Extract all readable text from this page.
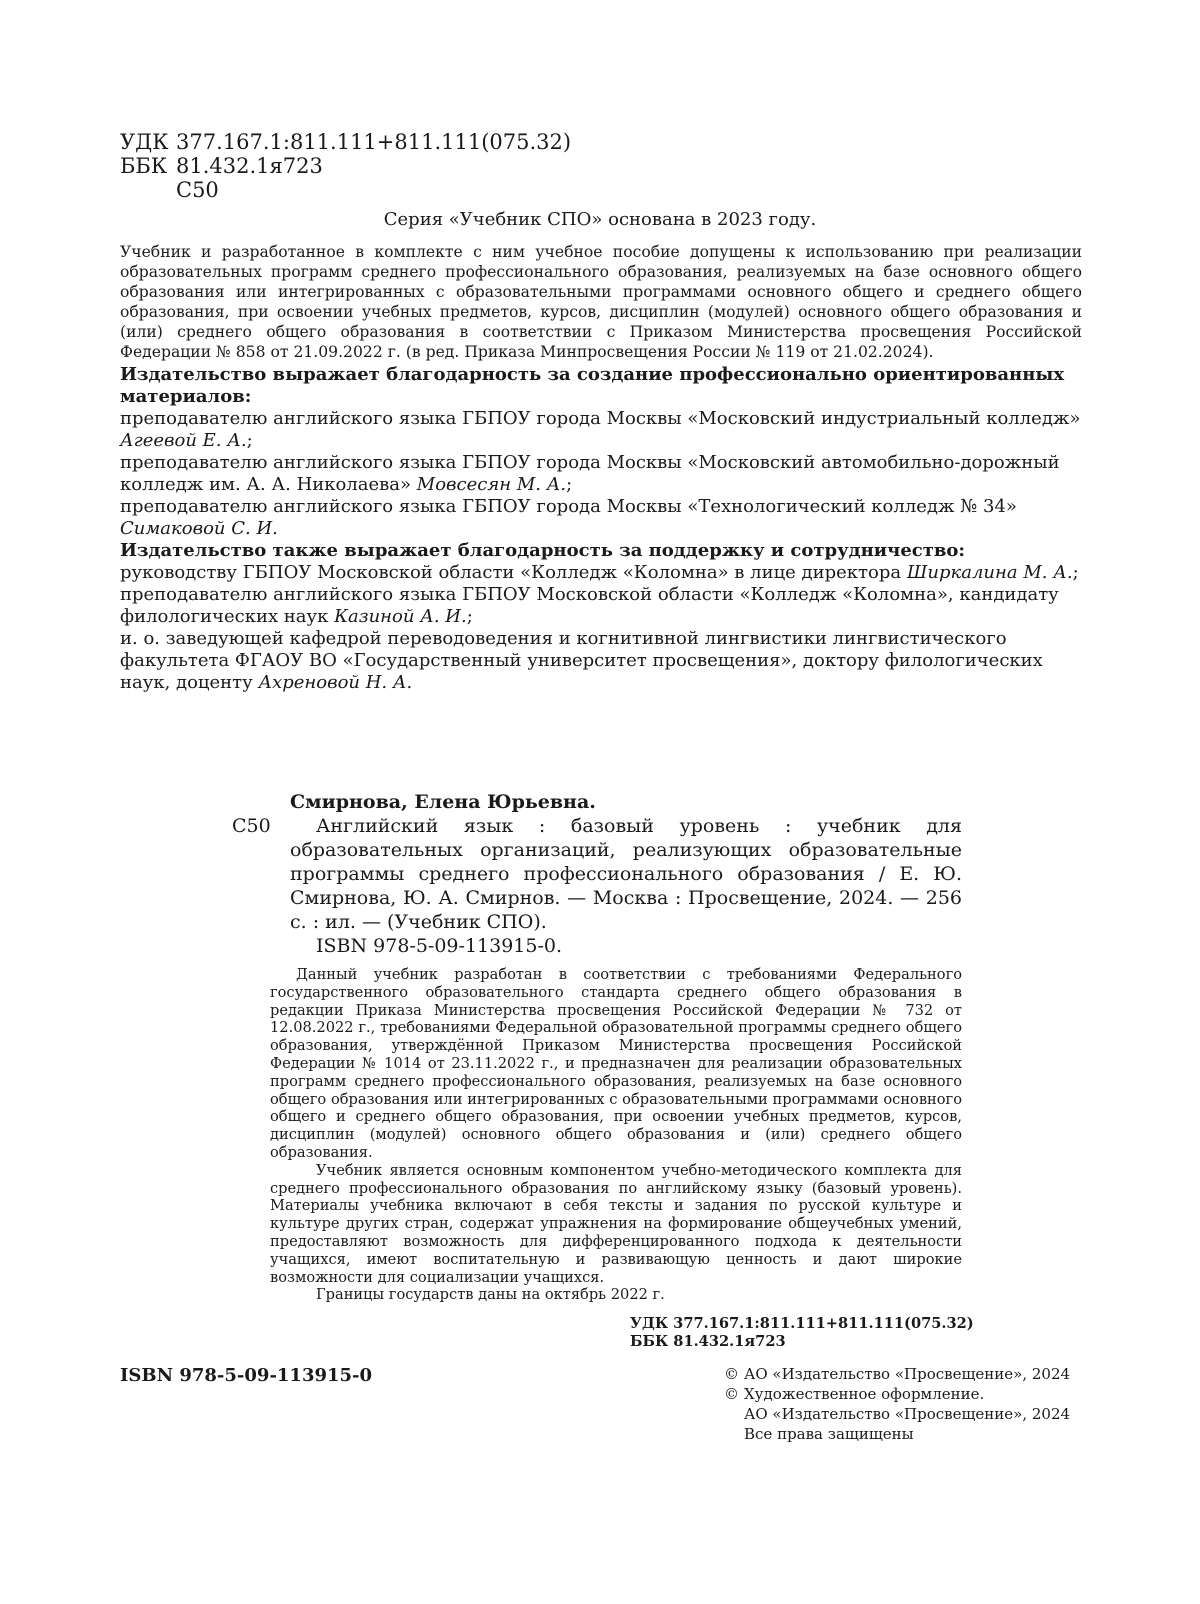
УДК 377.167.1:811.111+811.111(075.32)
ББК 81.432.1я723
С50
Серия «Учебник СПО» основана в 2023 году.
Учебник и разработанное в комплекте с ним учебное пособие допущены к использованию при реализации образовательных программ среднего профессионального образования, реализуемых на базе основного общего образования или интегрированных с образовательными программами основного общего и среднего общего образования, при освоении учебных предметов, курсов, дисциплин (модулей) основного общего образования и (или) среднего общего образования в соответствии с Приказом Министерства просвещения Российской Федерации № 858 от 21.09.2022 г. (в ред. Приказа Минпросвещения России № 119 от 21.02.2024).
Издательство выражает благодарность за создание профессионально ориентированных материалов:
преподавателю английского языка ГБПОУ города Москвы «Московский индустриальный колледж» Агеевой Е. А.;
преподавателю английского языка ГБПОУ города Москвы «Московский автомобильно-дорожный колледж им. А. А. Николаева» Мовсесян М. А.;
преподавателю английского языка ГБПОУ города Москвы «Технологический колледж № 34» Симаковой С. И.
Издательство также выражает благодарность за поддержку и сотрудничество:
руководству ГБПОУ Московской области «Колледж «Коломна» в лице директора Ширкалина М. А.;
преподавателю английского языка ГБПОУ Московской области «Колледж «Коломна», кандидату филологических наук Казиной А. И.;
и. о. заведующей кафедрой переводоведения и когнитивной лингвистики лингвистического факультета ФГАОУ ВО «Государственный университет просвещения», доктору филологических наук, доценту Ахреновой Н. А.
Смирнова, Елена Юрьевна.
С50	Английский язык : базовый уровень : учебник для образовательных организаций, реализующих образовательные программы среднего профессионального образования / Е. Ю. Смирнова, Ю. А. Смирнов. — Москва : Просвещение, 2024. — 256 с. : ил. — (Учебник СПО).
ISBN 978-5-09-113915-0.

Данный учебник разработан в соответствии с требованиями Федерального государственного образовательного стандарта среднего общего образования в редакции Приказа Министерства просвещения Российской Федерации № 732 от 12.08.2022 г., требованиями Федеральной образовательной программы среднего общего образования, утверждённой Приказом Министерства просвещения Российской Федерации № 1014 от 23.11.2022 г., и предназначен для реализации образовательных программ среднего профессионального образования, реализуемых на базе основного общего образования или интегрированных с образовательными программами основного общего и среднего общего образования, при освоении учебных предметов, курсов, дисциплин (модулей) основного общего образования и (или) среднего общего образования.

Учебник является основным компонентом учебно-методического комплекта для среднего профессионального образования по английскому языку (базовый уровень). Материалы учебника включают в себя тексты и задания по русской культуре и культуре других стран, содержат упражнения на формирование общеучебных умений, предоставляют возможность для дифференцированного подхода к деятельности учащихся, имеют воспитательную и развивающую ценность и дают широкие возможности для социализации учащихся.

Границы государств даны на октябрь 2022 г.

УДК 377.167.1:811.111+811.111(075.32)
ББК 81.432.1я723
ISBN 978-5-09-113915-0	© АО «Издательство «Просвещение», 2024
© Художественное оформление.
АО «Издательство «Просвещение», 2024
Все права защищены
